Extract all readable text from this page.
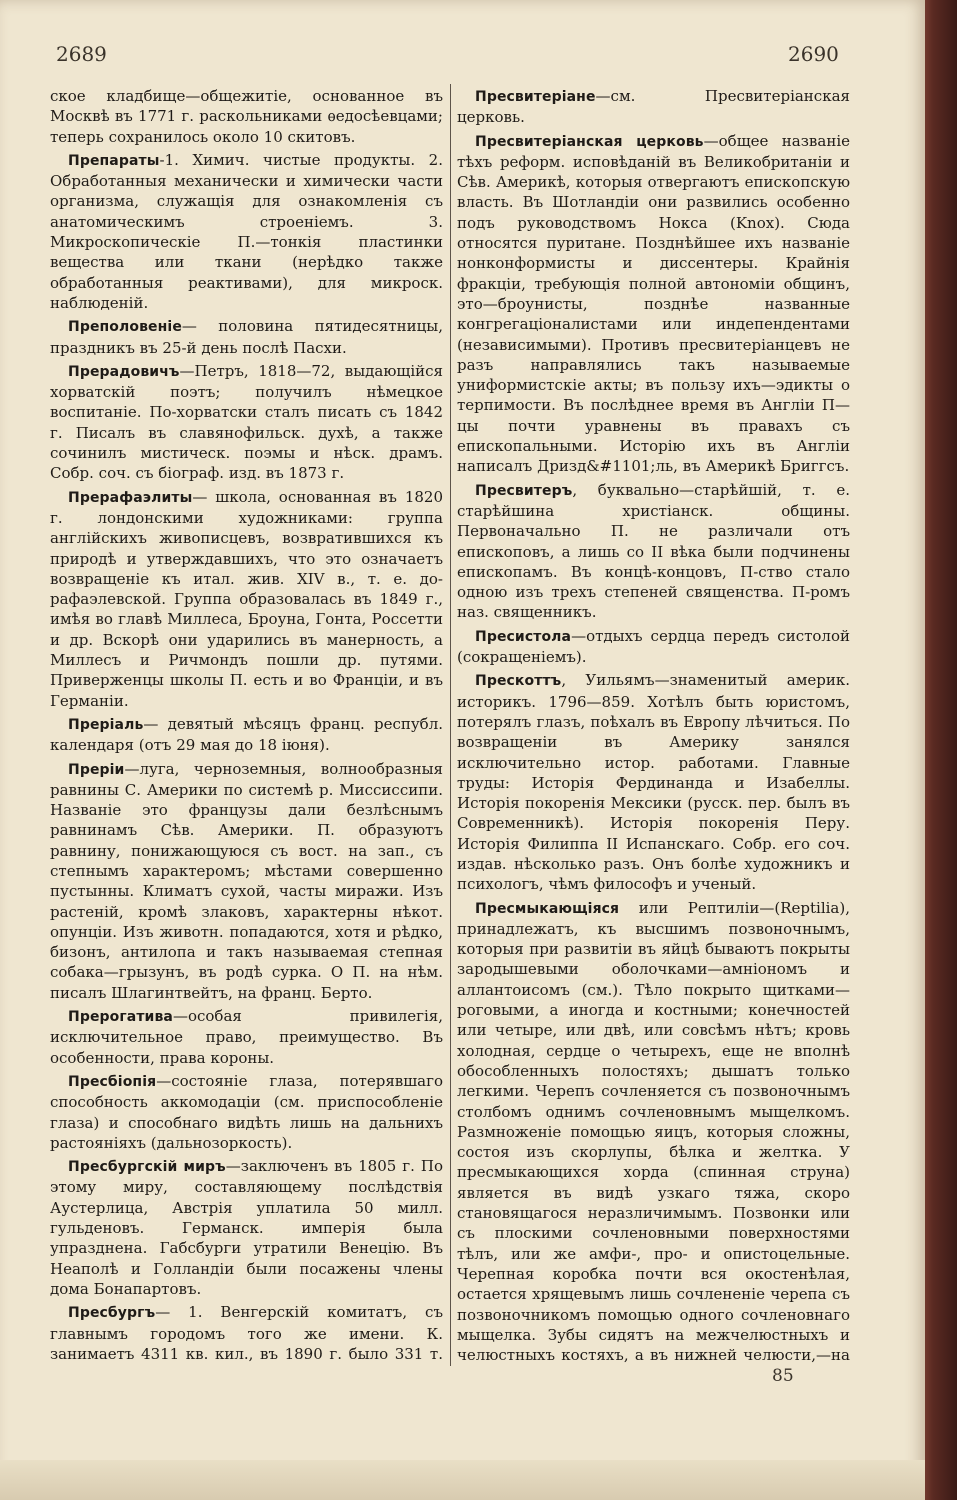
2689	2690

ское кладбище—общежитіе, основанное въ Москвѣ въ 1771 г. раскольниками ѳедосѣевцами; теперь сохранилось около 10 скитовъ.

Препараты-1. Химич. чистые продукты. 2. Обработанныя механически и химически части организма, служащія для ознакомленія съ анатомическимъ строеніемъ. 3. Микроскопическіе П.—тонкія пластинки вещества или ткани (нерѣдко также обработанныя реактивами), для микроск. наблюденій.

Преполовеніе— половина пятидесятницы, праздникъ въ 25-й день послѣ Пасхи.

Прерадовичъ—Петръ, 1818—72, выдающійся хорватскій поэтъ; получилъ нѣмецкое воспитаніе. По-хорватски сталъ писать съ 1842 г. Писалъ въ славянофильск. духѣ, а также сочинилъ мистическ. поэмы и нѣск. драмъ. Собр. соч. съ біограф. изд. въ 1873 г.

Прерафаэлиты— школа, основанная въ 1820 г. лондонскими художниками: группа англійскихъ живописцевъ, возвратившихся къ природѣ и утверждавшихъ, что это означаетъ возвращеніе къ итал. жив. XIV в., т. е. до-рафаэлевской. Группа образовалась въ 1849 г., имѣя во главѣ Миллеса, Броуна, Гонта, Россетти и др. Вскорѣ они ударились въ манерность, а Миллесъ и Ричмондъ пошли др. путями. Приверженцы школы П. есть и во Франціи, и въ Германіи.

Преріаль— девятый мѣсяцъ франц. республ. календаря (отъ 29 мая до 18 іюня).

Преріи—луга, черноземныя, волнообразныя равнины С. Америки по системѣ р. Миссиссипи. Названіе это французы дали безлѣснымъ равнинамъ Сѣв. Америки. П. образуютъ равнину, понижающуюся съ вост. на зап., съ степнымъ характеромъ; мѣстами совершенно пустынны. Климатъ сухой, часты миражи. Изъ растеній, кромѣ злаковъ, характерны нѣкот. опунціи. Изъ животн. попадаются, хотя и рѣдко, бизонъ, антилопа и такъ называемая степная собака—грызунъ, въ родѣ сурка. О П. на нѣм. писалъ Шлагинтвейтъ, на франц. Берто.

Прерогатива—особая привилегія, исключительное право, преимущество. Въ особенности, права короны.

Пресбіопія—состояніе глаза, потерявшаго способность аккомодаціи (см. приспособленіе глаза) и способнаго видѣть лишь на дальнихъ растояніяхъ (дальнозоркость).

Пресбургскій миръ—заключенъ въ 1805 г. По этому миру, составляющему послѣдствія Аустерлица, Австрія уплатила 50 милл. гульденовъ. Германск. имперія была упразднена. Габсбурги утратили Венецію. Въ Неаполѣ и Голландіи были посажены члены дома Бонапартовъ.

Пресбургъ— 1. Венгерскій комитатъ, съ главнымъ городомъ того же имени. К. занимаетъ 4311 кв. кил., въ 1890 г. было 331 т.

Пресвитеріане—см. Пресвитеріанская церковь.

Пресвитеріанская церковь—общее названіе тѣхъ реформ. исповѣданій въ Великобританіи и Сѣв. Америкѣ, которыя отвергаютъ епископскую власть. Въ Шотландіи они развились особенно подъ руководствомъ Нокса (Knox). Сюда относятся пуритане. Позднѣйшее ихъ названіе нонконформисты и диссентеры. Крайнія фракціи, требующія полной автономіи общинъ, это—броунисты, позднѣе названные конгрегаціоналистами или индепендентами (независимыми). Противъ пресвитеріанцевъ не разъ направлялись такъ называемые униформистскіе акты; въ пользу ихъ—эдикты о терпимости. Въ послѣднее время въ Англіи П—цы почти уравнены въ правахъ съ епископальными. Исторію ихъ въ Англіи написалъ Дризд&#1101;ль, въ Америкѣ Бриггсъ.

Пресвитеръ, буквально—старѣйшій, т. е. старѣйшина христіанск. общины. Первоначально П. не различали отъ епископовъ, а лишь со II вѣка были подчинены епископамъ. Въ концѣ-концовъ, П-ство стало одною изъ трехъ степеней священства. П-ромъ наз. священникъ.

Пресистола—отдыхъ сердца передъ систолой (сокращеніемъ).

Прескоттъ, Уильямъ—знаменитый америк. историкъ. 1796—859. Хотѣлъ быть юристомъ, потерялъ глазъ, поѣхалъ въ Европу лѣчиться. По возвращеніи въ Америку занялся исключительно истор. работами. Главные труды: Исторія Фердинанда и Изабеллы. Исторія покоренія Мексики (русск. пер. былъ въ Современникѣ). Исторія покоренія Перу. Исторія Филиппа II Испанскаго. Собр. его соч. издав. нѣсколько разъ. Онъ болѣе художникъ и психологъ, чѣмъ философъ и ученый.

Пресмыкающіяся или Рептиліи—(Reptilia), принадлежатъ, къ высшимъ позвоночнымъ, которыя при развитіи въ яйцѣ бываютъ покрыты зародышевыми оболочками—амніономъ и аллантоисомъ (см.). Тѣло покрыто щитками—роговыми, а иногда и костными; конечностей или четыре, или двѣ, или совсѣмъ нѣтъ; кровь холодная, сердце о четырехъ, еще не вполнѣ обособленныхъ полостяхъ; дышатъ только легкими. Черепъ сочленяется съ позвоночнымъ столбомъ однимъ сочленовнымъ мыщелкомъ. Размноженіе помощью яицъ, которыя сложны, состоя изъ скорлупы, бѣлка и желтка. У пресмыкающихся хорда (спинная струна) является въ видѣ узкаго тяжа, скоро становящагося неразличимымъ. Позвонки или съ плоскими сочленовными поверхностями тѣлъ, или же амфи-, про- и опистоцельные. Черепная коробка почти вся окостенѣлая, остается хрящевымъ лишь сочлененіе черепа съ позвоночникомъ помощью одного сочленовнаго мыщелка. Зубы сидятъ на межчелюстныхъ и челюстныхъ костяхъ, а въ нижней челюсти,—на

85
